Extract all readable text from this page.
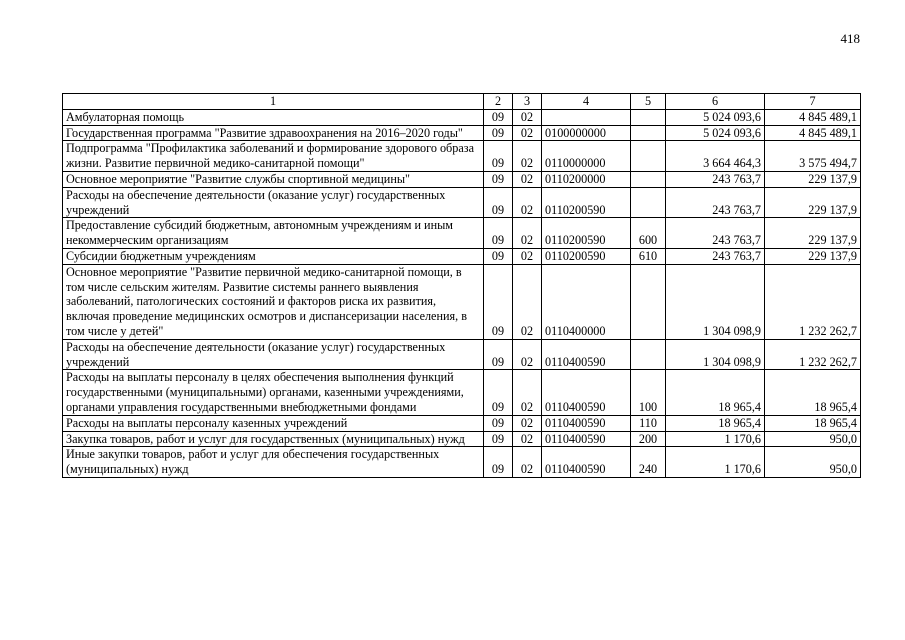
418
1	2	3	4	5	6	7
Амбулаторная помощь	09	02			5 024 093,6	4 845 489,1
Государственная программа "Развитие здравоохранения на 2016–2020 годы"	09	02	0100000000		5 024 093,6	4 845 489,1
Подпрограмма "Профилактика заболеваний и формирование здорового образа жизни. Развитие первичной медико-санитарной помощи"	09	02	0110000000		3 664 464,3	3 575 494,7
Основное мероприятие "Развитие службы спортивной медицины"	09	02	0110200000		243 763,7	229 137,9
Расходы на обеспечение деятельности (оказание услуг) государственных учреждений	09	02	0110200590		243 763,7	229 137,9
Предоставление субсидий бюджетным, автономным учреждениям и иным некоммерческим организациям	09	02	0110200590	600	243 763,7	229 137,9
Субсидии бюджетным учреждениям	09	02	0110200590	610	243 763,7	229 137,9
Основное мероприятие "Развитие первичной медико-санитарной помощи, в том числе сельским жителям. Развитие системы раннего выявления заболеваний, патологических состояний и факторов риска их развития, включая проведение медицинских осмотров и диспансеризации населения, в том числе у детей"	09	02	0110400000		1 304 098,9	1 232 262,7
Расходы на обеспечение деятельности (оказание услуг) государственных учреждений	09	02	0110400590		1 304 098,9	1 232 262,7
Расходы на выплаты персоналу в целях обеспечения выполнения функций государственными (муниципальными) органами, казенными учреждениями, органами управления государственными внебюджетными фондами	09	02	0110400590	100	18 965,4	18 965,4
Расходы на выплаты персоналу казенных учреждений	09	02	0110400590	110	18 965,4	18 965,4
Закупка товаров, работ и услуг для государственных (муниципальных) нужд	09	02	0110400590	200	1 170,6	950,0
Иные закупки товаров, работ и услуг для обеспечения государственных (муниципальных) нужд	09	02	0110400590	240	1 170,6	950,0
